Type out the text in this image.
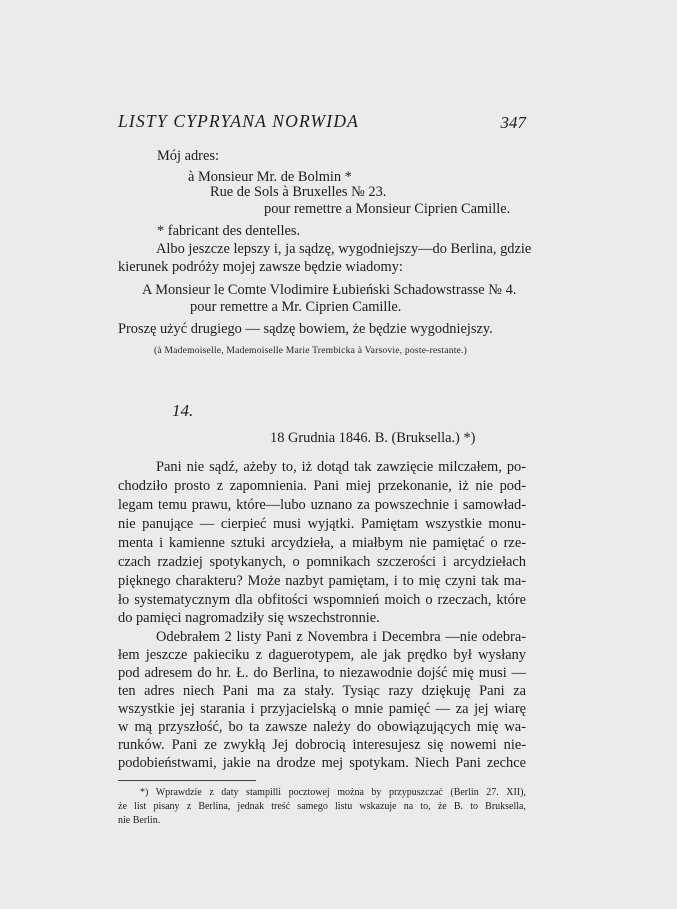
LISTY CYPRYANA NORWIDA	347
Mój adres:
à Monsieur Mr. de Bolmin *
Rue de Sols à Bruxelles № 23.
pour remettre a Monsieur Ciprien Camille.
* fabricant des dentelles.
Albo jeszcze lepszy i, ja sądzę, wygodniejszy—do Berlina, gdzie
kierunek podróży mojej zawsze będzie wiadomy:
A Monsieur le Comte Vlodimire Łubieński Schadowstrasse № 4.
pour remettre a Mr. Ciprien Camille.
Proszę użyć drugiego — sądzę bowiem, że będzie wygodniejszy.
(à Mademoiselle, Mademoiselle Marie Trembicka à Varsovie, poste-restante.)
14.
18 Grudnia 1846. B. (Bruksella.) *)
Pani nie sądź, ażeby to, iż dotąd tak zawzięcie milczałem, po-
chodziło prosto z zapomnienia. Pani miej przekonanie, iż nie pod-
legam temu prawu, które—lubo uznano za powszechnie i samowład-
nie panujące — cierpieć musi wyjątki. Pamiętam wszystkie monu-
menta i kamienne sztuki arcydzieła, a miałbym nie pamiętać o rze-
czach rzadziej spotykanych, o pomnikach szczerości i arcydziełach
pięknego charakteru? Może nazbyt pamiętam, i to mię czyni tak ma-
ło systematycznym dla obfitości wspomnień moich o rzeczach, które
do pamięci nagromadziły się wszechstronnie.
Odebrałem 2 listy Pani z Novembra i Decembra —nie odebra-
łem jeszcze pakieciku z daguerotypem, ale jak prędko był wysłany
pod adresem do hr. Ł. do Berlina, to niezawodnie dojść mię musi —
ten adres niech Pani ma za stały. Tysiąc razy dziękuję Pani za
wszystkie jej starania i przyjacielską o mnie pamięć — za jej wiarę
w mą przyszłość, bo ta zawsze należy do obowiązujących mię wa-
runków. Pani ze zwykłą Jej dobrocią interesujesz się nowemi nie-
podobieństwami, jakie na drodze mej spotykam. Niech Pani zechce
*) Wprawdzie z daty stampilli pocztowej można by przypuszczać (Berlin 27. XII),
że list pisany z Berlina, jednak treść samego listu wskazuje na to, że B. to Bruksella,
nie Berlin.
